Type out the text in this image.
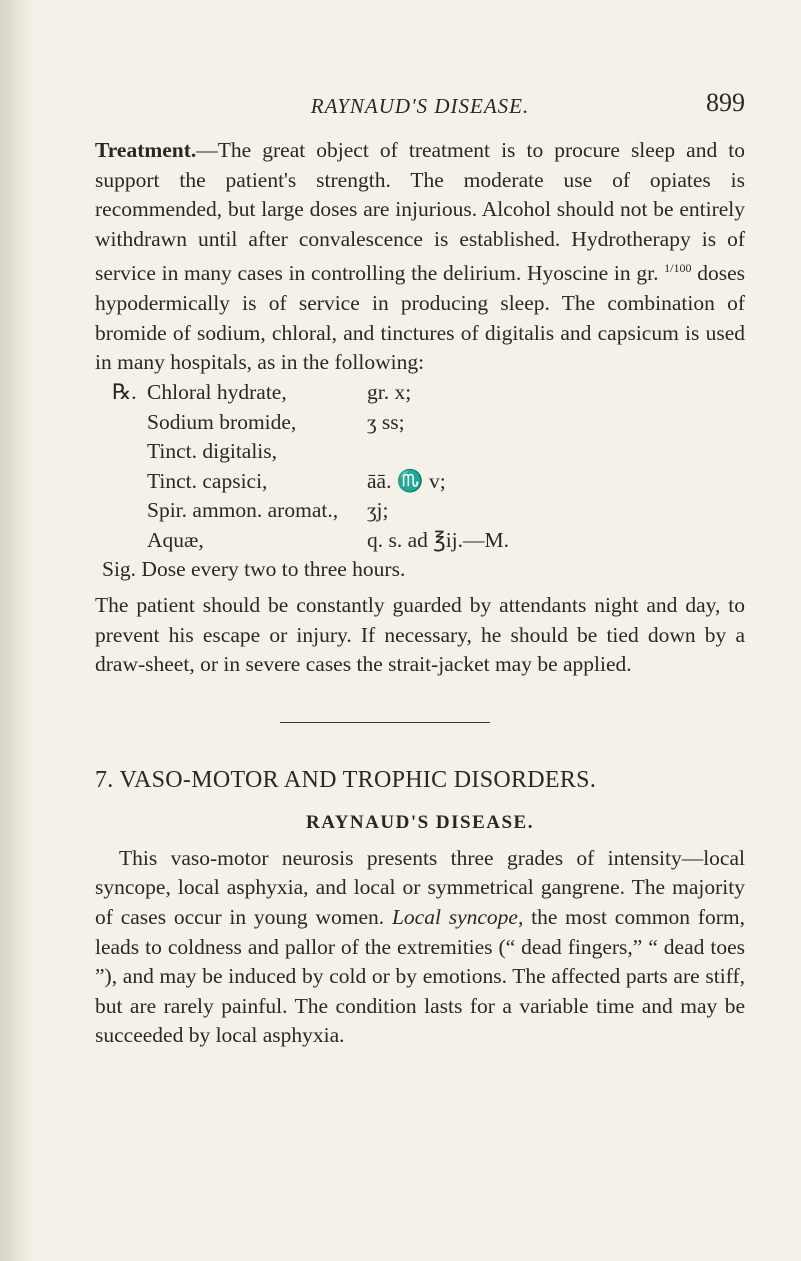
RAYNAUD'S DISEASE.	899

Treatment.—The great object of treatment is to procure sleep and to support the patient's strength. The moderate use of opiates is recommended, but large doses are injurious. Alcohol should not be entirely withdrawn until after convalescence is established. Hydrotherapy is of service in many cases in controlling the delirium. Hyoscine in gr. $^{1/100}$ doses hypodermically is of service in producing sleep. The combination of bromide of sodium, chloral, and tinctures of digitalis and capsicum is used in many hospitals, as in the following:

℞. Chloral hydrate,	gr. x;
Sodium bromide,	ʒ ss;
Tinct. digitalis,
Tinct. capsici,	āā. ♏ v;
Spir. ammon. aromat., ʒj;
Aquæ,	q. s. ad ℥ij.—M.
Sig. Dose every two to three hours.

The patient should be constantly guarded by attendants night and day, to prevent his escape or injury. If necessary, he should be tied down by a draw-sheet, or in severe cases the strait-jacket may be applied.

7. VASO-MOTOR AND TROPHIC DISORDERS.
RAYNAUD'S DISEASE.

This vaso-motor neurosis presents three grades of intensity—local syncope, local asphyxia, and local or symmetrical gangrene. The majority of cases occur in young women. Local syncope, the most common form, leads to coldness and pallor of the extremities (“ dead fingers,” “ dead toes ”), and may be induced by cold or by emotions. The affected parts are stiff, but are rarely painful. The condition lasts for a variable time and may be succeeded by local asphyxia.
